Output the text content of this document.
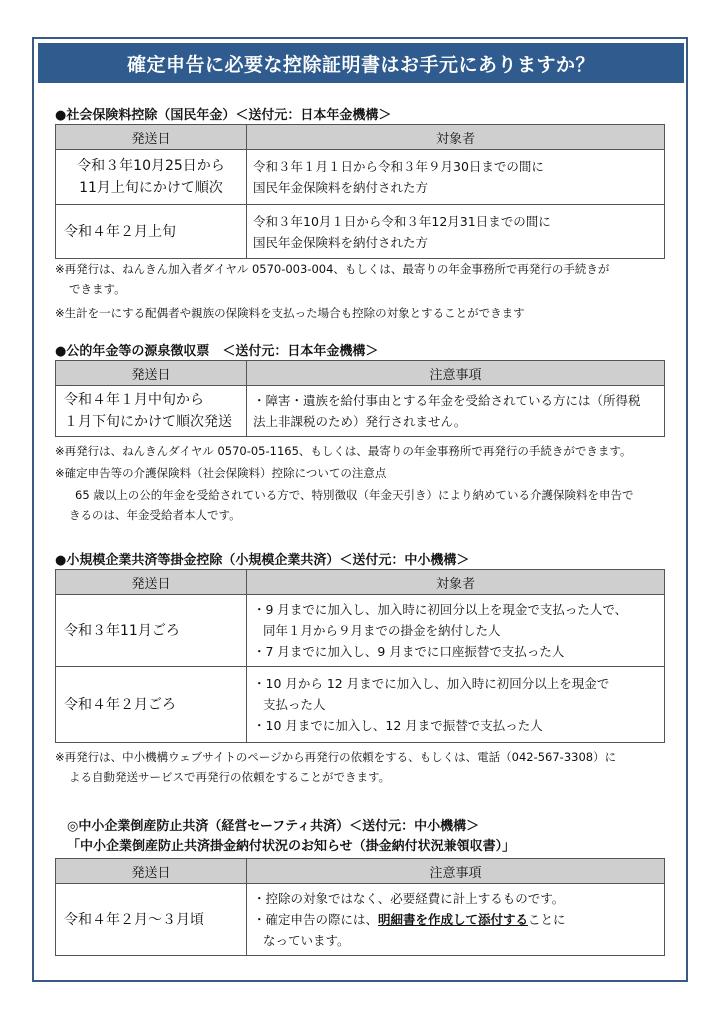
確定申告に必要な控除証明書はお手元にありますか？
●社会保険料控除（国民年金）＜送付元：日本年金機構＞
発送日	対象者

令和３年10月25日から
11月上旬にかけて順次	令和３年１月１日から令和３年９月30日までの間に
国民年金保険料を納付された方

令和４年２月上旬	令和３年10月１日から令和３年12月31日までの間に
国民年金保険料を納付された方
※再発行は、ねんきん加入者ダイヤル 0570-003-004、もしくは、最寄りの年金事務所で再発行の手続きが
できます。
※生計を一にする配偶者や親族の保険料を支払った場合も控除の対象とすることができます
●公的年金等の源泉徴収票　＜送付元：日本年金機構＞
発送日	注意事項

令和４年１月中旬から
１月下旬にかけて順次発送	・障害・遺族を給付事由とする年金を受給されている方には（所得税
法上非課税のため）発行されません。
※再発行は、ねんきんダイヤル 0570-05-1165、もしくは、最寄りの年金事務所で再発行の手続きができます。
※確定申告等の介護保険料（社会保険料）控除についての注意点
65 歳以上の公的年金を受給されている方で、特別徴収（年金天引き）により納めている介護保険料を申告で
きるのは、年金受給者本人です。
●小規模企業共済等掛金控除（小規模企業共済）＜送付元：中小機構＞
発送日	対象者
令和３年11月ごろ	・9 月までに加入し、加入時に初回分以上を現金で支払った人で、
同年１月から９月までの掛金を納付した人
・7 月までに加入し、9 月までに口座振替で支払った人

令和４年２月ごろ	・10 月から 12 月までに加入し、加入時に初回分以上を現金で
支払った人
・10 月までに加入し、12 月まで振替で支払った人
※再発行は、中小機構ウェブサイトのページから再発行の依頼をする、もしくは、電話（042-567-3308）に
よる自動発送サービスで再発行の依頼をすることができます。
◎中小企業倒産防止共済（経営セーフティ共済）＜送付元：中小機構＞
「中小企業倒産防止共済掛金納付状況のお知らせ（掛金納付状況兼領収書）」
発送日	注意事項
令和４年２月～３月頃	・控除の対象ではなく、必要経費に計上するものです。
・確定申告の際には、明細書を作成して添付することに
なっています。
